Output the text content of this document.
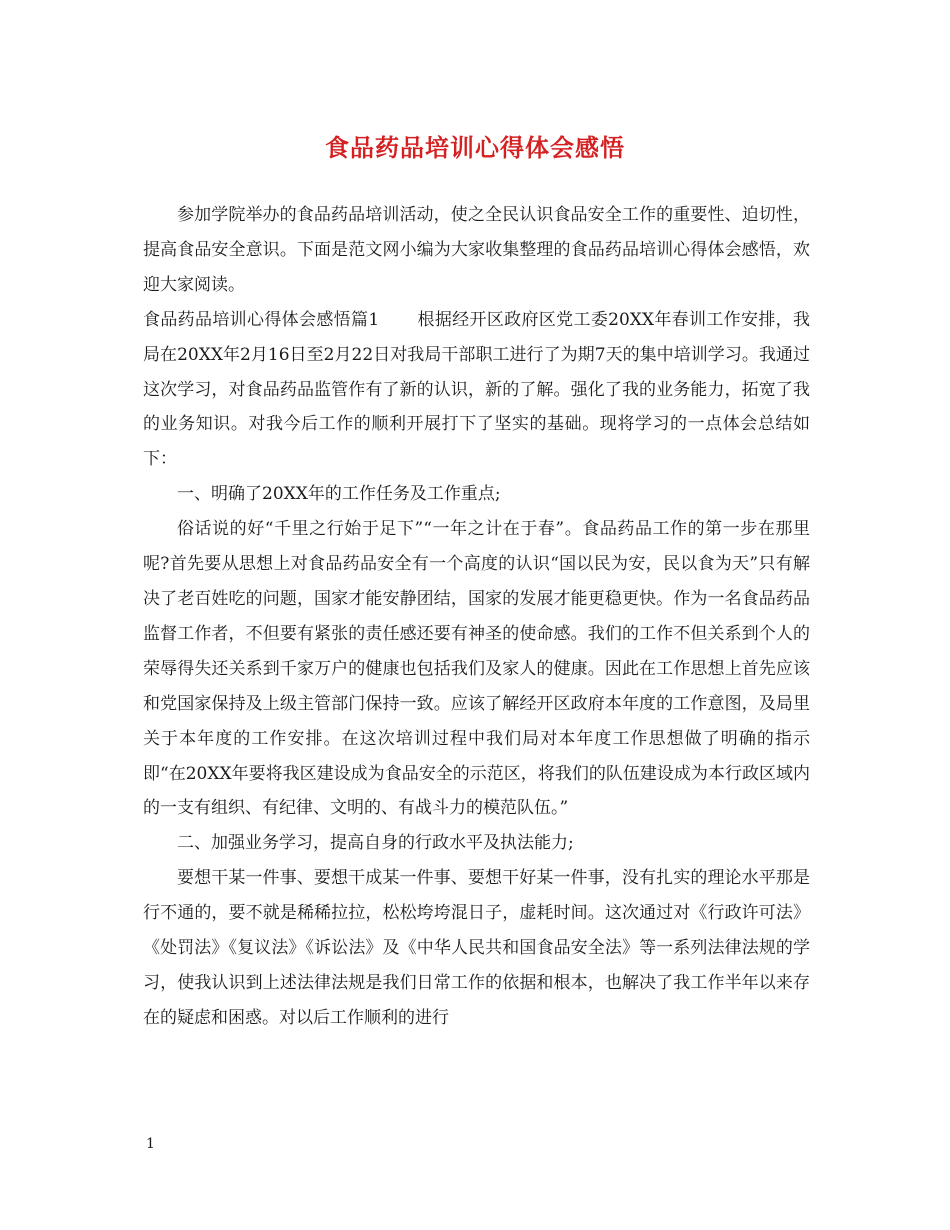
食品药品培训心得体会感悟

参加学院举办的食品药品培训活动，使之全民认识食品安全工作的重要性、迫切性，提高食品安全意识。下面是范文网小编为大家收集整理的食品药品培训心得体会感悟，欢迎大家阅读。

食品药品培训心得体会感悟篇1 根据经开区政府区党工委20XX年春训工作安排，我局在20XX年2月16日至2月22日对我局干部职工进行了为期7天的集中培训学习。我通过这次学习，对食品药品监管作有了新的认识，新的了解。强化了我的业务能力，拓宽了我的业务知识。对我今后工作的顺利开展打下了坚实的基础。现将学习的一点体会总结如下：

一、明确了20XX年的工作任务及工作重点;

俗话说的好“千里之行始于足下”“一年之计在于春”。食品药品工作的第一步在那里呢?首先要从思想上对食品药品安全有一个高度的认识“国以民为安，民以食为天”只有解决了老百姓吃的问题，国家才能安静团结，国家的发展才能更稳更快。作为一名食品药品监督工作者，不但要有紧张的责任感还要有神圣的使命感。我们的工作不但关系到个人的荣辱得失还关系到千家万户的健康也包括我们及家人的健康。因此在工作思想上首先应该和党国家保持及上级主管部门保持一致。应该了解经开区政府本年度的工作意图，及局里关于本年度的工作安排。在这次培训过程中我们局对本年度工作思想做了明确的指示即“在20XX年要将我区建设成为食品安全的示范区，将我们的队伍建设成为本行政区域内的一支有组织、有纪律、文明的、有战斗力的模范队伍。”

二、加强业务学习，提高自身的行政水平及执法能力;

要想干某一件事、要想干成某一件事、要想干好某一件事，没有扎实的理论水平那是行不通的，要不就是稀稀拉拉，松松垮垮混日子，虚耗时间。这次通过对《行政许可法》《处罚法》《复议法》《诉讼法》及《中华人民共和国食品安全法》等一系列法律法规的学习，使我认识到上述法律法规是我们日常工作的依据和根本，也解决了我工作半年以来存在的疑虑和困惑。对以后工作顺利的进行

1
